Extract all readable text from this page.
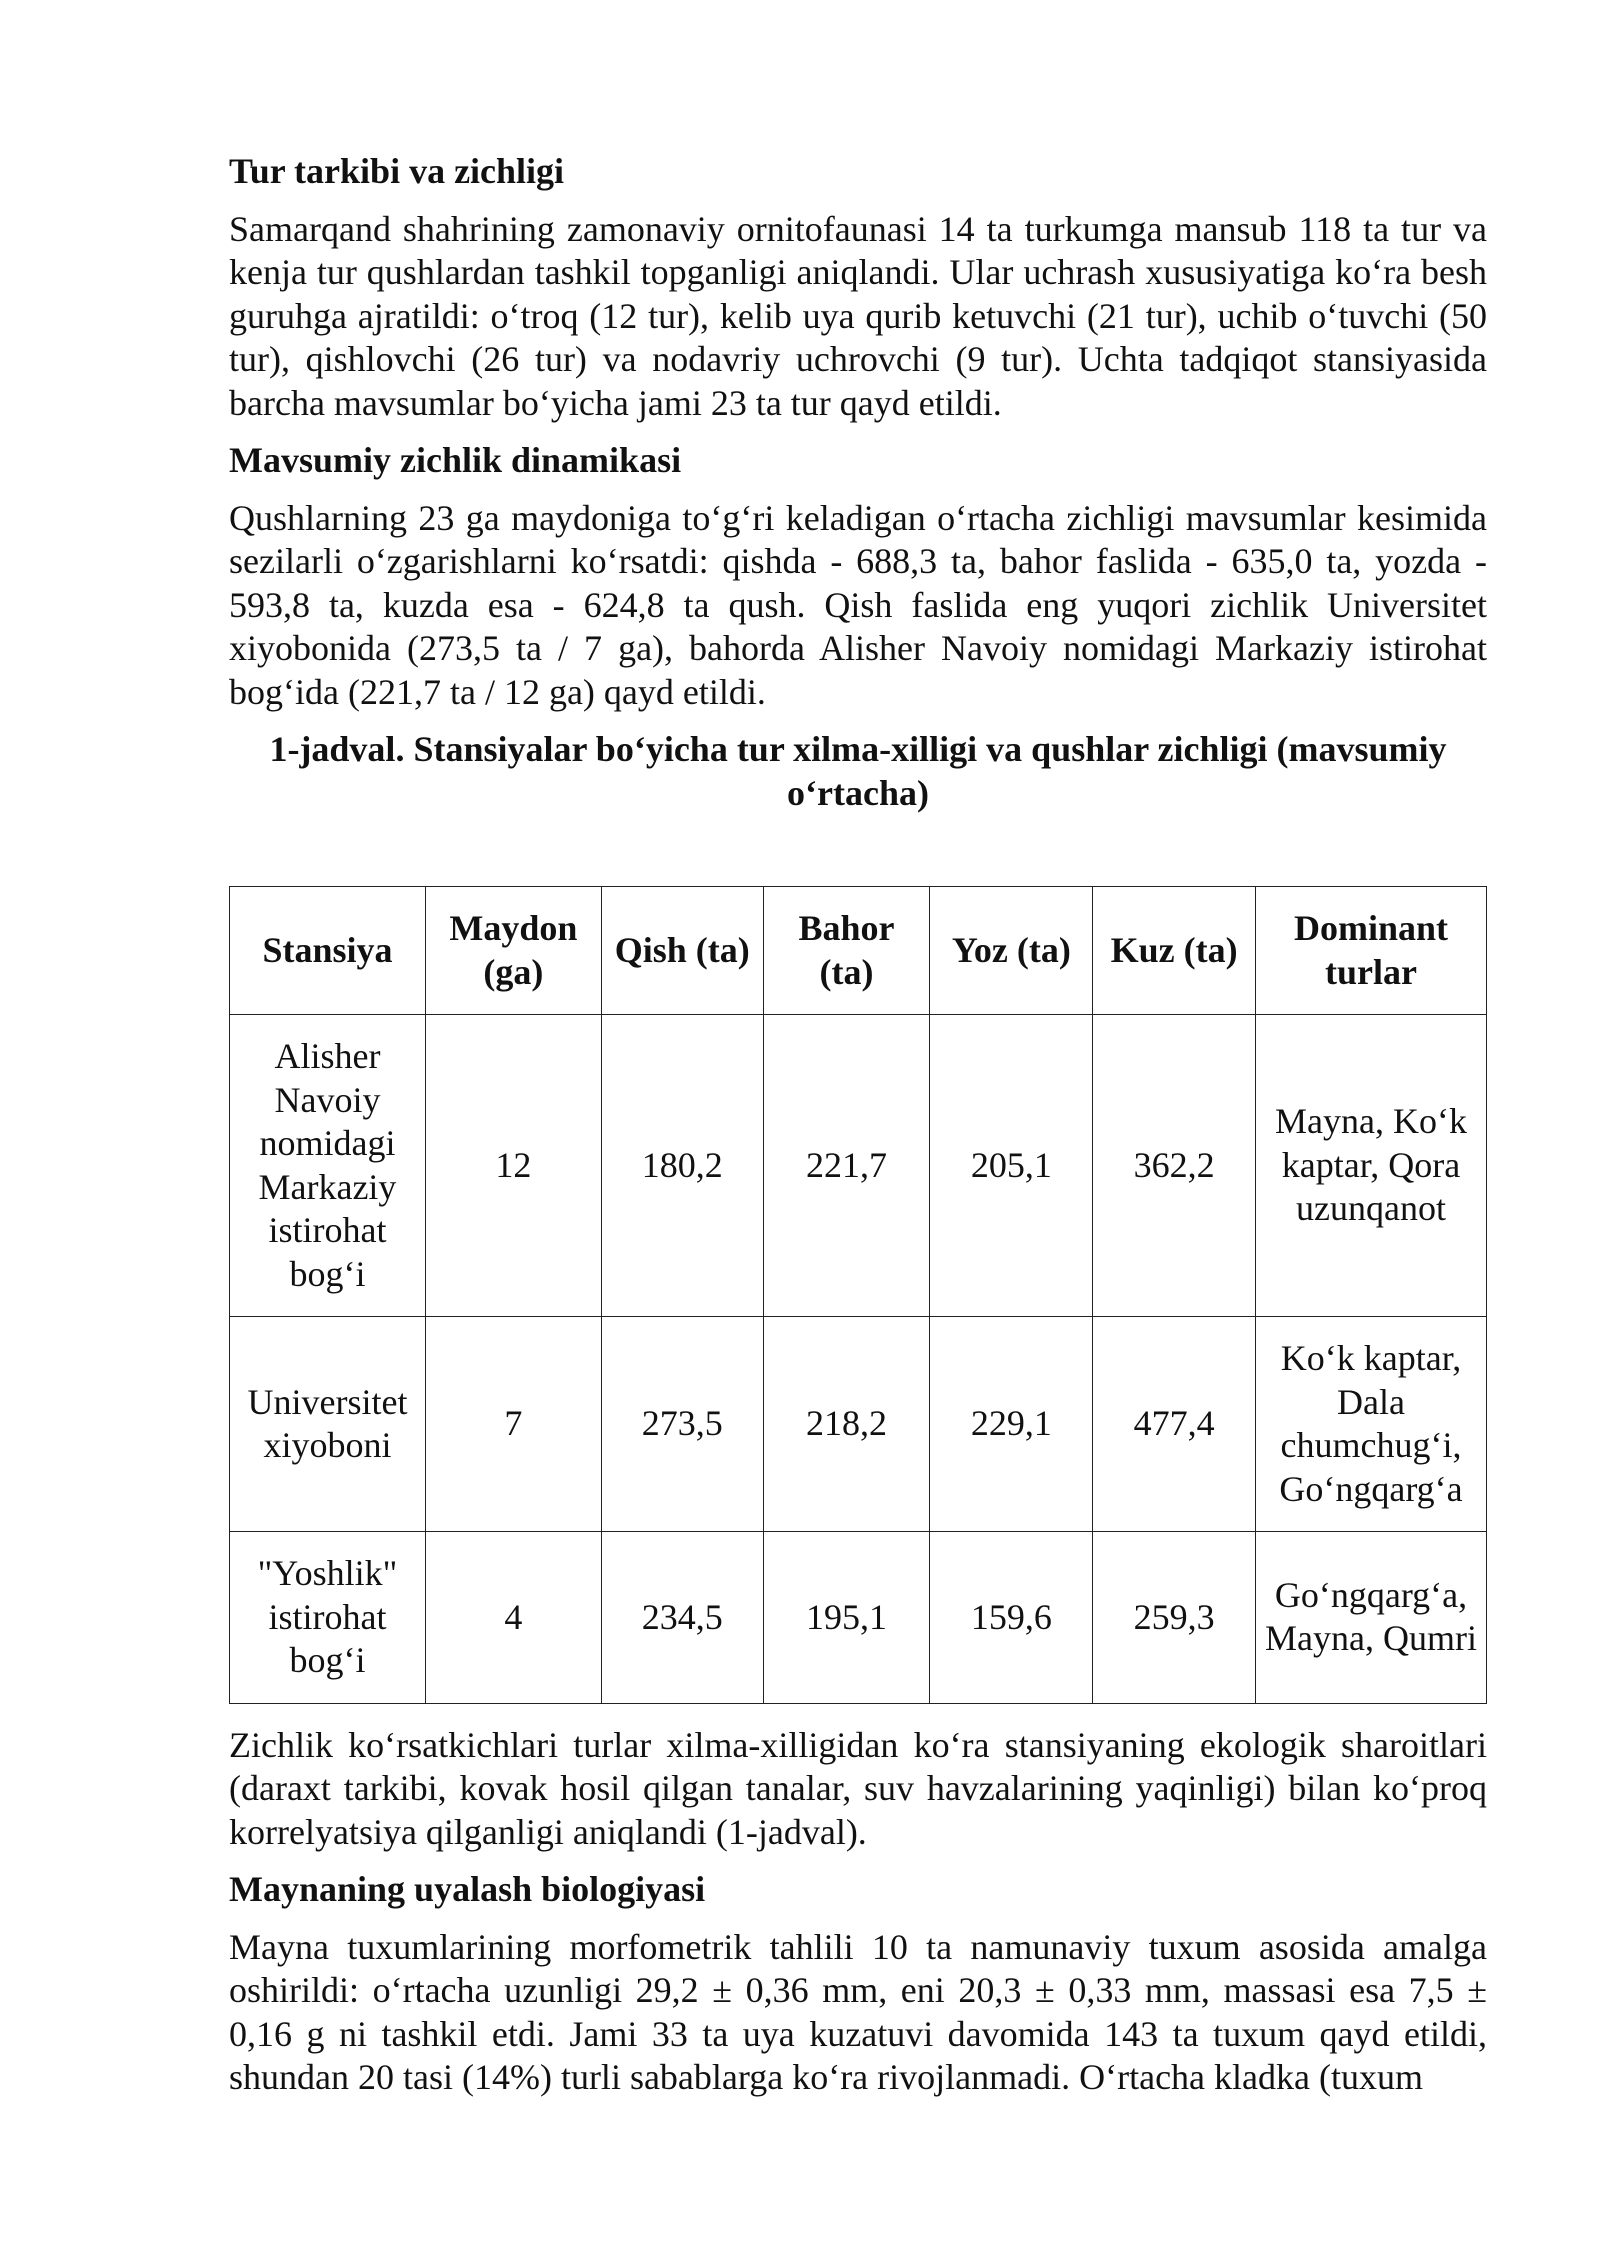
Tur tarkibi va zichligi

Samarqand shahrining zamonaviy ornitofaunasi 14 ta turkumga mansub 118 ta tur va kenja tur qushlardan tashkil topganligi aniqlandi. Ular uchrash xususiyatiga ko‘ra besh guruhga ajratildi: o‘troq (12 tur), kelib uya qurib ketuvchi (21 tur), uchib o‘tuvchi (50 tur), qishlovchi (26 tur) va nodavriy uchrovchi (9 tur). Uchta tadqiqot stansiyasida barcha mavsumlar bo‘yicha jami 23 ta tur qayd etildi.

Mavsumiy zichlik dinamikasi

Qushlarning 23 ga maydoniga to‘g‘ri keladigan o‘rtacha zichligi mavsumlar kesimida sezilarli o‘zgarishlarni ko‘rsatdi: qishda - 688,3 ta, bahor faslida - 635,0 ta, yozda - 593,8 ta, kuzda esa - 624,8 ta qush. Qish faslida eng yuqori zichlik Universitet xiyobonida (273,5 ta / 7 ga), bahorda Alisher Navoiy nomidagi Markaziy istirohat bog‘ida (221,7 ta / 12 ga) qayd etildi.

1-jadval. Stansiyalar bo‘yicha tur xilma-xilligi va qushlar zichligi (mavsumiy o‘rtacha)
Stansiya	Maydon (ga)	Qish (ta)	Bahor (ta)	Yoz (ta)	Kuz (ta)	Dominant turlar
Alisher Navoiy nomidagi Markaziy istirohat bog‘i	12	180,2	221,7	205,1	362,2	Mayna, Ko‘k kaptar, Qora uzunqanot
Universitet xiyoboni	7	273,5	218,2	229,1	477,4	Ko‘k kaptar, Dala chumchug‘i, Go‘ngqarg‘a
"Yoshlik" istirohat bog‘i	4	234,5	195,1	159,6	259,3	Go‘ngqarg‘a, Mayna, Qumri

Zichlik ko‘rsatkichlari turlar xilma-xilligidan ko‘ra stansiyaning ekologik sharoitlari (daraxt tarkibi, kovak hosil qilgan tanalar, suv havzalarining yaqinligi) bilan ko‘proq korrelyatsiya qilganligi aniqlandi (1-jadval).

Maynaning uyalash biologiyasi

Mayna tuxumlarining morfometrik tahlili 10 ta namunaviy tuxum asosida amalga oshirildi: o‘rtacha uzunligi 29,2 ± 0,36 mm, eni 20,3 ± 0,33 mm, massasi esa 7,5 ± 0,16 g ni tashkil etdi. Jami 33 ta uya kuzatuvi davomida 143 ta tuxum qayd etildi, shundan 20 tasi (14%) turli sabablarga ko‘ra rivojlanmadi. O‘rtacha kladka (tuxum
